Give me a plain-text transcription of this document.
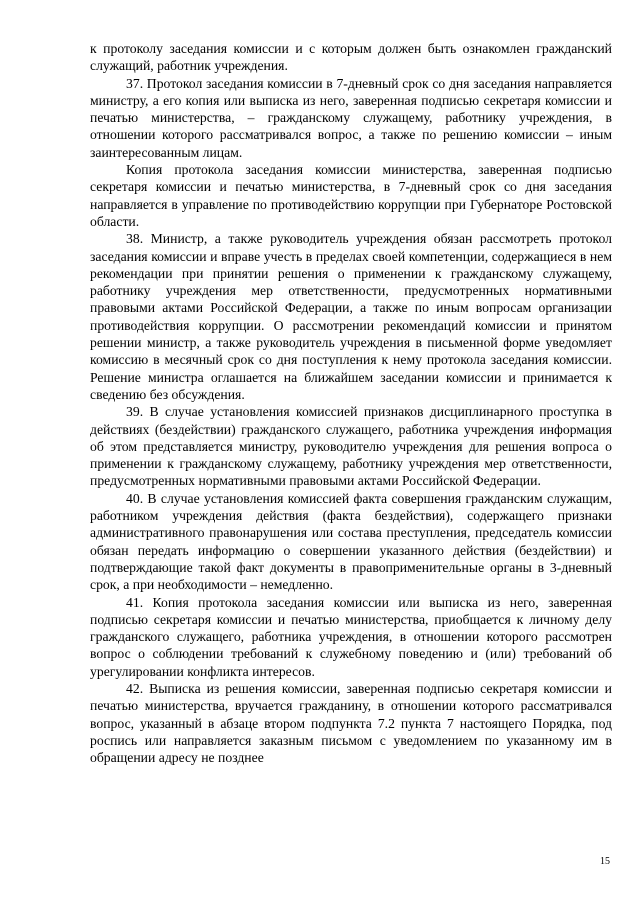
к протоколу заседания комиссии и с которым должен быть ознакомлен гражданский служащий, работник учреждения.

37. Протокол заседания комиссии в 7-дневный срок со дня заседания направляется министру, а его копия или выписка из него, заверенная подписью секретаря комиссии и печатью министерства, – гражданскому служащему, работнику учреждения, в отношении которого рассматривался вопрос, а также по решению комиссии – иным заинтересованным лицам.

Копия протокола заседания комиссии министерства, заверенная подписью секретаря комиссии и печатью министерства, в 7-дневный срок со дня заседания направляется в управление по противодействию коррупции при Губернаторе Ростовской области.

38. Министр, а также руководитель учреждения обязан рассмотреть протокол заседания комиссии и вправе учесть в пределах своей компетенции, содержащиеся в нем рекомендации при принятии решения о применении к гражданскому служащему, работнику учреждения мер ответственности, предусмотренных нормативными правовыми актами Российской Федерации, а также по иным вопросам организации противодействия коррупции. О рассмотрении рекомендаций комиссии и принятом решении министр, а также руководитель учреждения в письменной форме уведомляет комиссию в месячный срок со дня поступления к нему протокола заседания комиссии. Решение министра оглашается на ближайшем заседании комиссии и принимается к сведению без обсуждения.

39. В случае установления комиссией признаков дисциплинарного проступка в действиях (бездействии) гражданского служащего, работника учреждения информация об этом представляется министру, руководителю учреждения для решения вопроса о применении к гражданскому служащему, работнику учреждения мер ответственности, предусмотренных нормативными правовыми актами Российской Федерации.

40. В случае установления комиссией факта совершения гражданским служащим, работником учреждения действия (факта бездействия), содержащего признаки административного правонарушения или состава преступления, председатель комиссии обязан передать информацию о совершении указанного действия (бездействии) и подтверждающие такой факт документы в правоприменительные органы в 3-дневный срок, а при необходимости – немедленно.

41. Копия протокола заседания комиссии или выписка из него, заверенная подписью секретаря комиссии и печатью министерства, приобщается к личному делу гражданского служащего, работника учреждения, в отношении которого рассмотрен вопрос о соблюдении требований к служебному поведению и (или) требований об урегулировании конфликта интересов.

42. Выписка из решения комиссии, заверенная подписью секретаря комиссии и печатью министерства, вручается гражданину, в отношении которого рассматривался вопрос, указанный в абзаце втором подпункта 7.2 пункта 7 настоящего Порядка, под роспись или направляется заказным письмом с уведомлением по указанному им в обращении адресу не позднее

15
